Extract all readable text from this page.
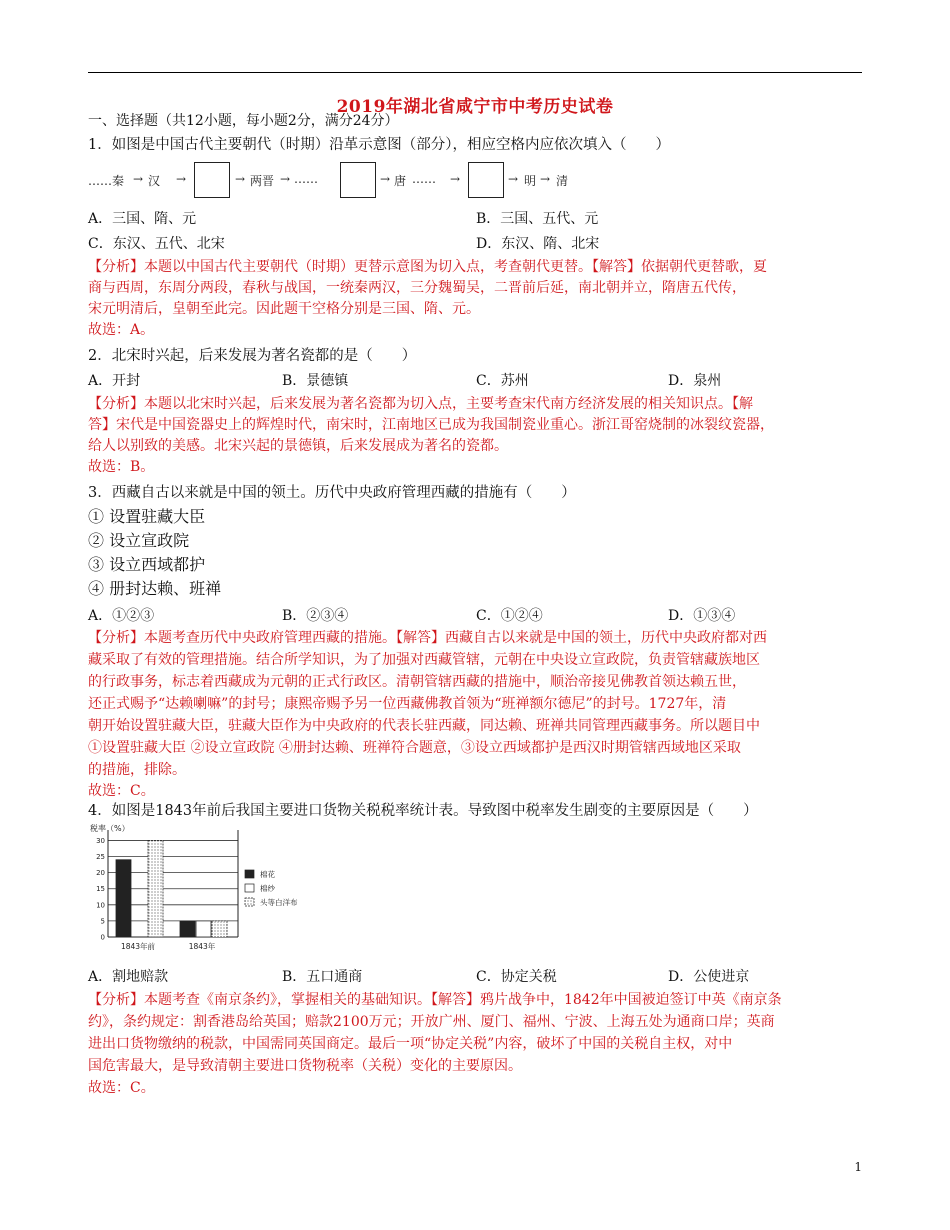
2019年湖北省咸宁市中考历史试卷
一、选择题（共12小题，每小题2分，满分24分）
1．如图是中国古代主要朝代（时期）沿革示意图（部分），相应空格内应依次填入（　　）
……秦 → 汉 →	→ 两晋 → ……	→ 唐 …… →	→ 明 → 清
A．三国、隋、元	B．三国、五代、元
C．东汉、五代、北宋	D．东汉、隋、北宋
【分析】本题以中国古代主要朝代（时期）更替示意图为切入点，考查朝代更替。【解答】依据朝代更替歌，夏
商与西周，东周分两段，春秋与战国，一统秦两汉，三分魏蜀吴，二晋前后延，南北朝并立，隋唐五代传，
宋元明清后，皇朝至此完。因此题干空格分别是三国、隋、元。
故选：A。
2．北宋时兴起，后来发展为著名瓷都的是（　　）
A．开封	B．景德镇	C．苏州	D．泉州
【分析】本题以北宋时兴起，后来发展为著名瓷都为切入点，主要考查宋代南方经济发展的相关知识点。【解
答】宋代是中国瓷器史上的辉煌时代，南宋时，江南地区已成为我国制瓷业重心。浙江哥窑烧制的冰裂纹瓷器，
给人以别致的美感。北宋兴起的景德镇，后来发展成为著名的瓷都。
故选：B。
3．西藏自古以来就是中国的领土。历代中央政府管理西藏的措施有（　　）
① 设置驻藏大臣
② 设立宣政院
③ 设立西域都护
④ 册封达赖、班禅
A．①②③	B．②③④	C．①②④	D．①③④
【分析】本题考查历代中央政府管理西藏的措施。【解答】西藏自古以来就是中国的领土，历代中央政府都对西
藏采取了有效的管理措施。结合所学知识，为了加强对西藏管辖，元朝在中央设立宣政院，负责管辖藏族地区
的行政事务，标志着西藏成为元朝的正式行政区。清朝管辖西藏的措施中，顺治帝接见佛教首领达赖五世，
还正式赐予“达赖喇嘛”的封号；康熙帝赐予另一位西藏佛教首领为“班禅额尔德尼”的封号。1727年，清
朝开始设置驻藏大臣，驻藏大臣作为中央政府的代表长驻西藏，同达赖、班禅共同管理西藏事务。所以题目中
①设置驻藏大臣 ②设立宣政院 ④册封达赖、班禅符合题意，③设立西域都护是西汉时期管辖西域地区采取
的措施，排除。
故选：C。
4．如图是1843年前后我国主要进口货物关税税率统计表。导致图中税率发生剧变的主要原因是（　　）
税率（%）
0
5
10
15
20
25
30
1843年前	1843年
棉花
棉纱
头等白洋布
A．割地赔款	B．五口通商	C．协定关税	D．公使进京
【分析】本题考查《南京条约》，掌握相关的基础知识。【解答】鸦片战争中，1842年中国被迫签订中英《南京条
约》，条约规定：割香港岛给英国；赔款2100万元；开放广州、厦门、福州、宁波、上海五处为通商口岸；英商
进出口货物缴纳的税款，中国需同英国商定。最后一项“协定关税”内容，破坏了中国的关税自主权，对中
国危害最大，是导致清朝主要进口货物税率（关税）变化的主要原因。
故选：C。
1
